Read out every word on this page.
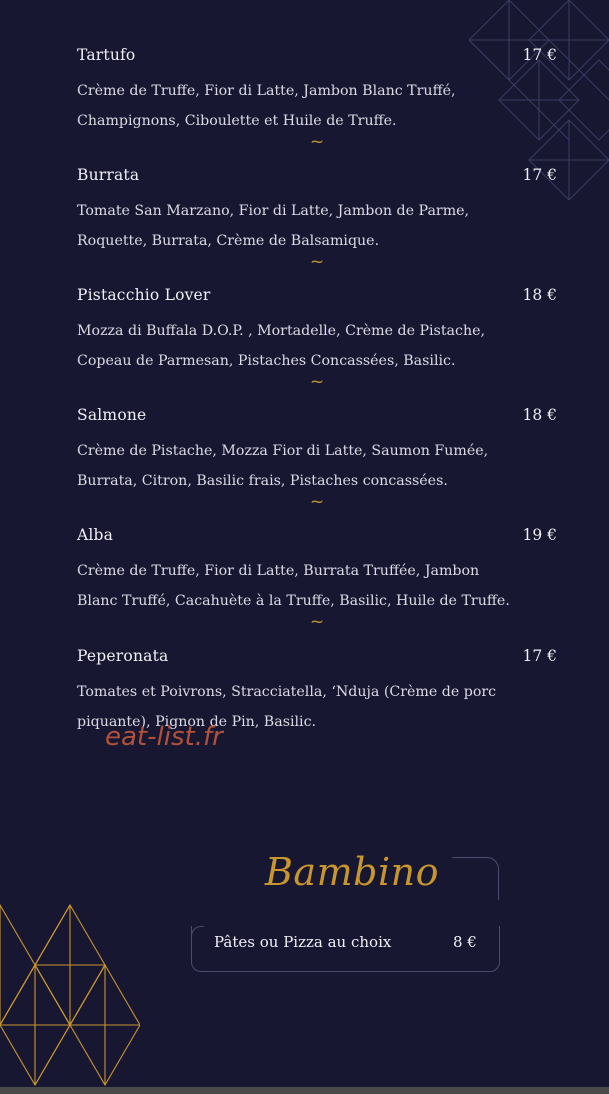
Tartufo	17 €
Crème de Truffe, Fior di Latte, Jambon Blanc Truffé, Champignons, Ciboulette et Huile de Truffe.
~
Burrata	17 €
Tomate San Marzano, Fior di Latte, Jambon de Parme, Roquette, Burrata, Crème de Balsamique.
~
Pistacchio Lover	18 €
Mozza di Buffala D.O.P. , Mortadelle, Crème de Pistache, Copeau de Parmesan, Pistaches Concassées, Basilic.
~
Salmone	18 €
Crème de Pistache, Mozza Fior di Latte, Saumon Fumée, Burrata, Citron, Basilic frais, Pistaches concassées.
~
Alba	19 €
Crème de Truffe, Fior di Latte, Burrata Truffée, Jambon Blanc Truffé, Cacahuète à la Truffe, Basilic, Huile de Truffe.
~
Peperonata	17 €
Tomates et Poivrons, Stracciatella, ‘Nduja (Crème de porc piquante), Pignon de Pin, Basilic.
eat-list.fr
Bambino
Pâtes ou Pizza au choix	8 €
